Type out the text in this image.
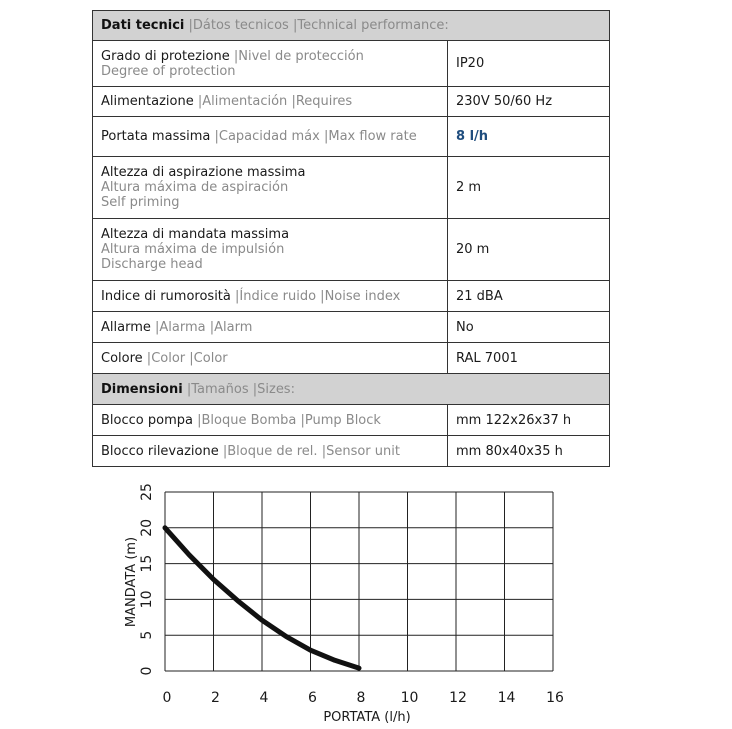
Dati tecnici |Dátos tecnicos |Technical performance:	

Grado di protezione |Nivel de protección
Degree of protection	IP20

Alimentazione |Alimentación |Requires	230V 50/60 Hz

Portata massima |Capacidad máx |Max flow rate	8 l/h

Altezza di aspirazione massima
Altura máxima de aspiración
Self priming	2 m

Altezza di mandata massima
Altura máxima de impulsión
Discharge head	20 m

Indice di rumorosità |Índice ruido |Noise index	21 dBA

Allarme |Alarma |Alarm	No

Colore |Color |Color	RAL 7001
Dimensioni |Tamaños |Sizes:	

Blocco pompa |Bloque Bomba |Pump Block	mm 122x26x37 h

Blocco rilevazione |Bloque de rel. |Sensor unit	mm 80x40x35 h
0	2	4	6	8	10 12 14 16
0
5
10
15
20
25
PORTATA (l/h)
MANDATA (m)
